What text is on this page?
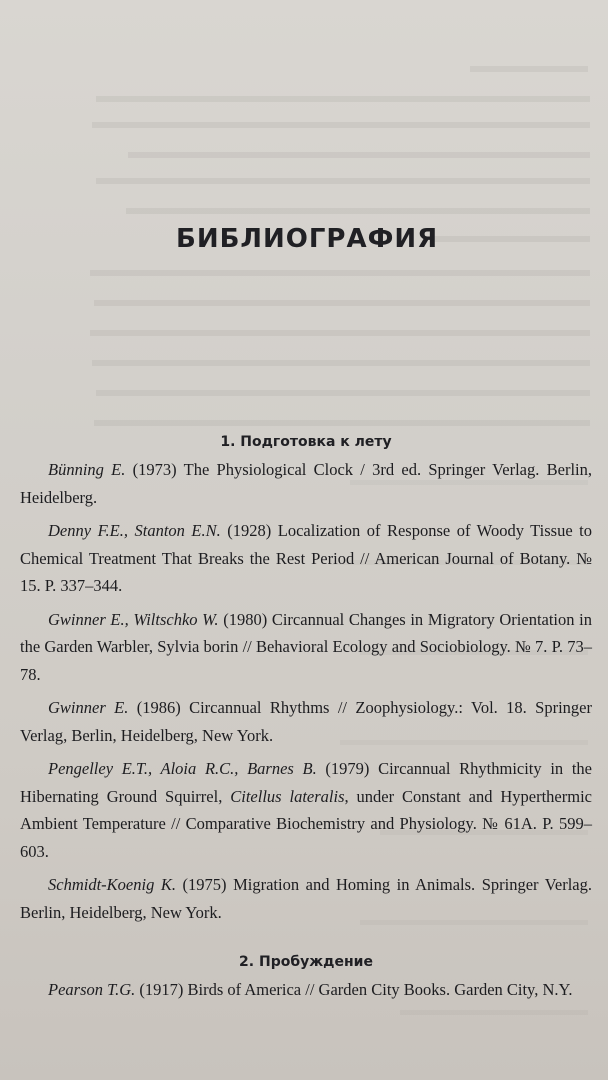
БИБЛИОГРАФИЯ
1. Подготовка к лету

Bünning E. (1973) The Physiological Clock / 3rd ed. Springer Verlag. Berlin, Heidelberg.

Denny F.E., Stanton E.N. (1928) Localization of Response of Woody Tissue to Chemical Treatment That Breaks the Rest Period // American Journal of Botany. № 15. P. 337–344.

Gwinner E., Wiltschko W. (1980) Circannual Changes in Migratory Orientation in the Garden Warbler, Sylvia borin // Behavioral Ecology and Sociobiology. № 7. P. 73–78.

Gwinner E. (1986) Circannual Rhythms // Zoophysiology.: Vol. 18. Springer Verlag, Berlin, Heidelberg, New York.

Pengelley E.T., Aloia R.C., Barnes B. (1979) Circannual Rhythmicity in the Hibernating Ground Squirrel, Citellus lateralis, under Constant and Hyperthermic Ambient Temperature // Comparative Biochemistry and Physiology. № 61A. P. 599–603.

Schmidt-Koenig K. (1975) Migration and Homing in Animals. Springer Verlag. Berlin, Heidelberg, New York.

2. Пробуждение

Pearson T.G. (1917) Birds of America // Garden City Books. Garden City, N.Y.
